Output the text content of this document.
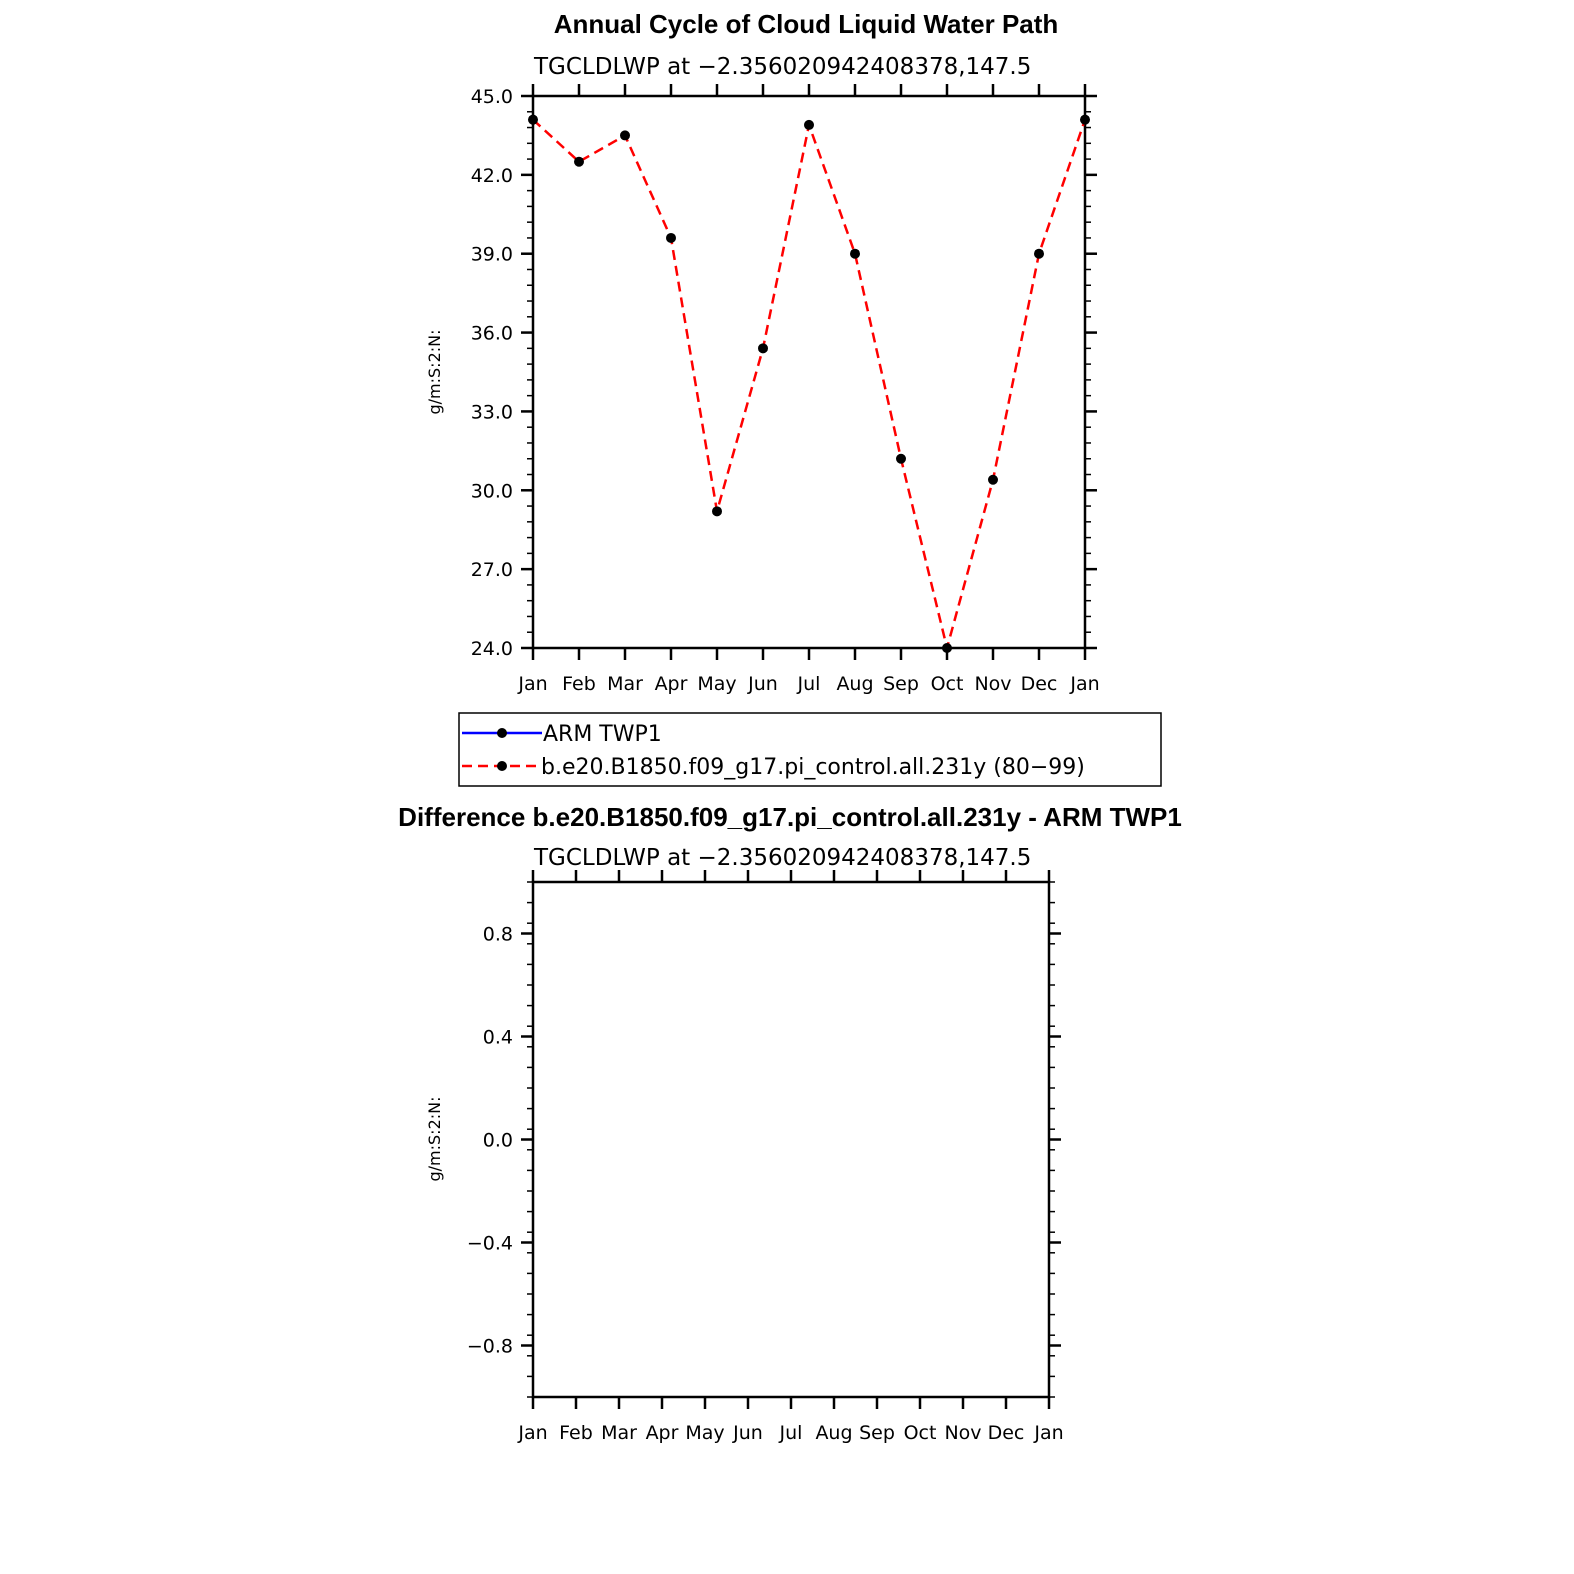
Annual Cycle of Cloud Liquid Water Path
TGCLDLWP at −2.356020942408378,147.5
g/m:S:2:N:
24.0
27.0
30.0
33.0
36.0
39.0
42.0
45.0
Jan Feb Mar Apr May Jun Jul Aug Sep Oct Nov Dec Jan
ARM TWP1
b.e20.B1850.f09_g17.pi_control.all.231y (80−99)
Difference b.e20.B1850.f09_g17.pi_control.all.231y - ARM TWP1
TGCLDLWP at −2.356020942408378,147.5
g/m:S:2:N:
−0.8
−0.4
0.0
0.4
0.8
Jan Feb Mar Apr May Jun Jul Aug Sep Oct Nov Dec Jan
